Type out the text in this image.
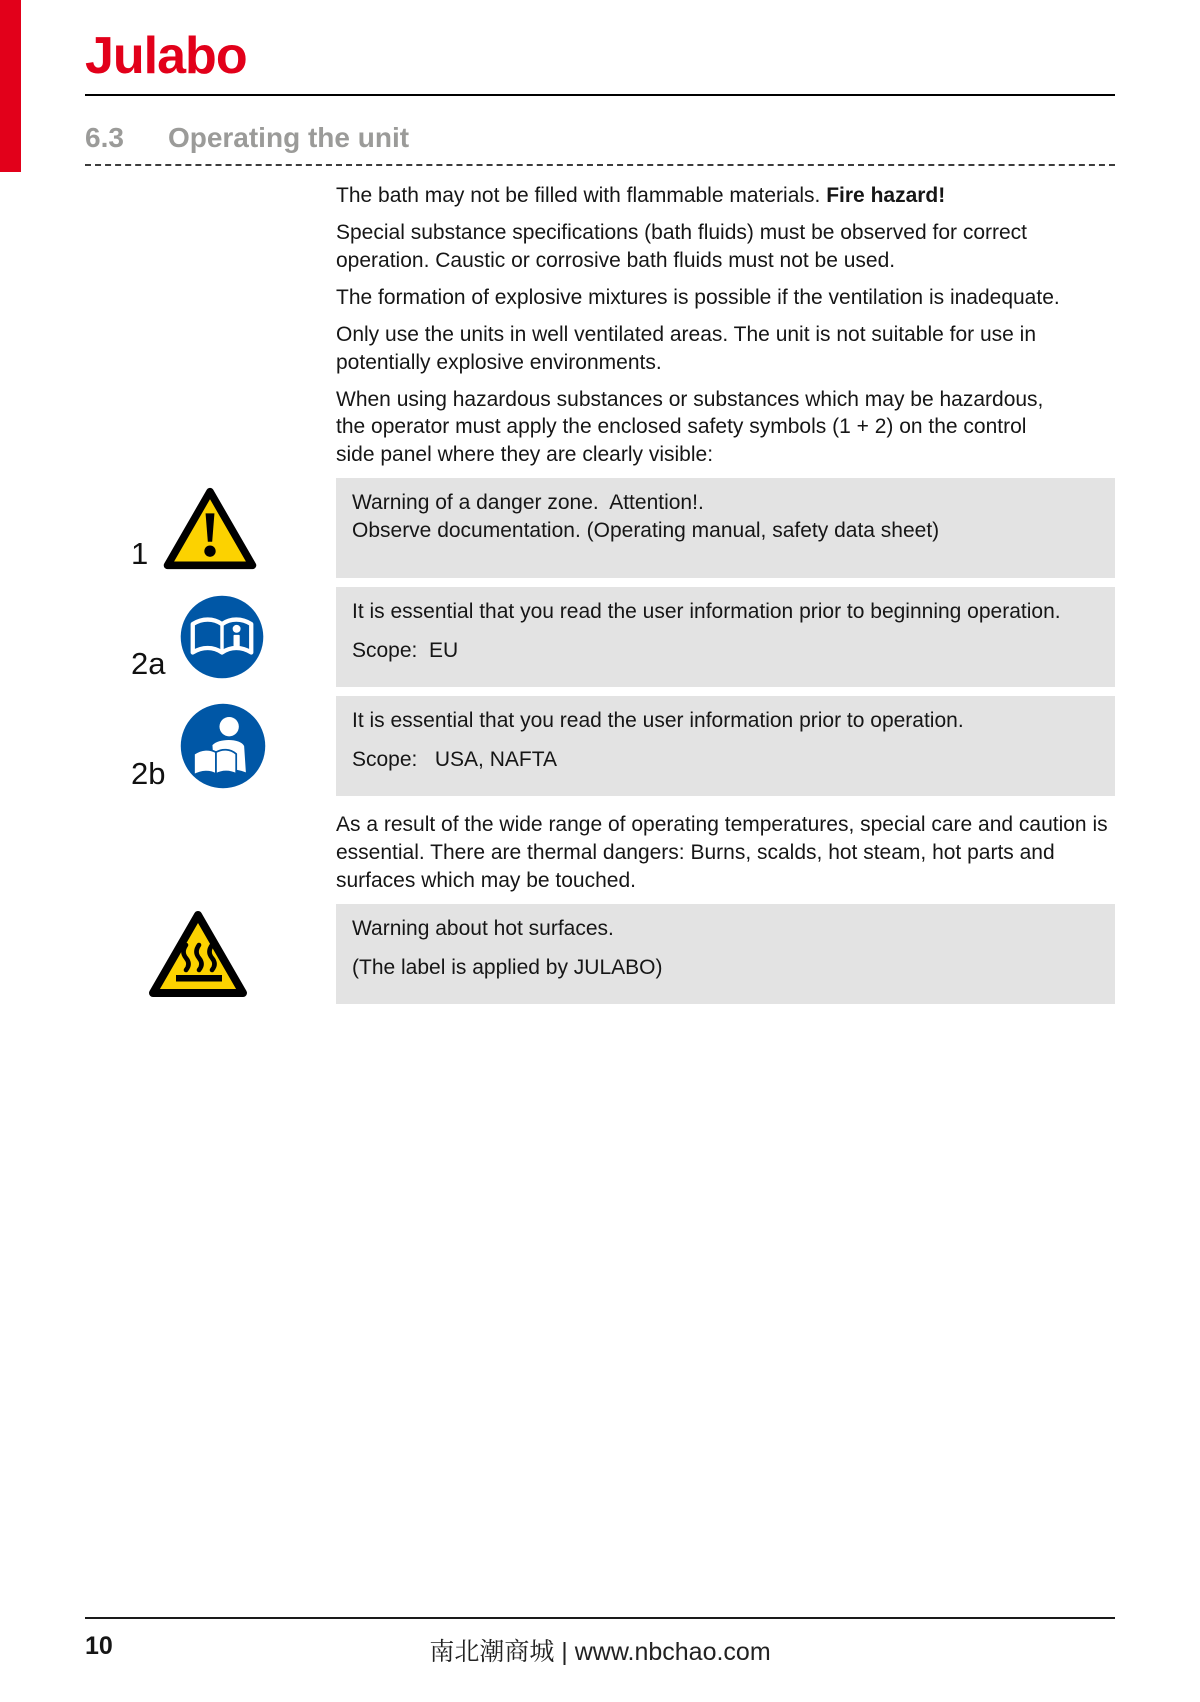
Julabo
6.3 Operating the unit

The bath may not be filled with flammable materials. Fire hazard!

Special substance specifications (bath fluids) must be observed for correct operation. Caustic or corrosive bath fluids must not be used.

The formation of explosive mixtures is possible if the ventilation is inadequate.

Only use the units in well ventilated areas. The unit is not suitable for use in potentially explosive environments.

When using hazardous substances or substances which may be hazardous, the operator must apply the enclosed safety symbols (1 + 2) on the control side panel where they are clearly visible:

1

Warning of a danger zone.  Attention!.

Observe documentation. (Operating manual, safety data sheet)

2a

It is essential that you read the user information prior to beginning operation.

Scope:  EU

2b

It is essential that you read the user information prior to operation.

Scope:   USA, NAFTA

As a result of the wide range of operating temperatures, special care and caution is essential. There are thermal dangers: Burns, scalds, hot steam, hot parts and surfaces which may be touched.

Warning about hot surfaces.

(The label is applied by JULABO)

10	南北潮商城 | www.nbchao.com
